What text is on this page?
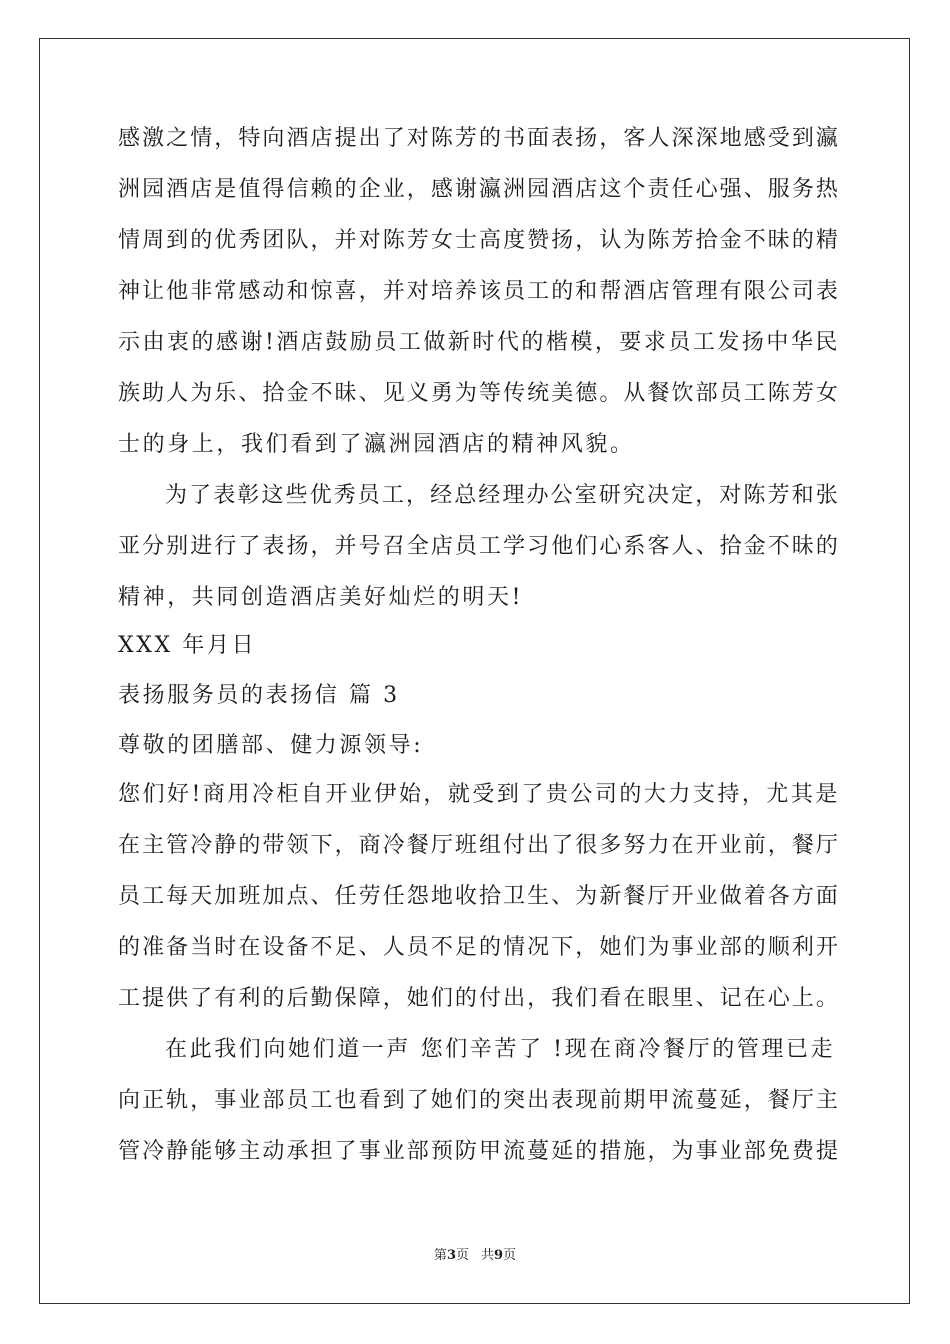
感激之情，特向酒店提出了对陈芳的书面表扬，客人深深地感受到瀛
洲园酒店是值得信赖的企业，感谢瀛洲园酒店这个责任心强、服务热
情周到的优秀团队，并对陈芳女士高度赞扬，认为陈芳拾金不昧的精
神让他非常感动和惊喜，并对培养该员工的和帮酒店管理有限公司表
示由衷的感谢!酒店鼓励员工做新时代的楷模，要求员工发扬中华民
族助人为乐、拾金不昧、见义勇为等传统美德。从餐饮部员工陈芳女
士的身上，我们看到了瀛洲园酒店的精神风貌。
为了表彰这些优秀员工，经总经理办公室研究决定，对陈芳和张
亚分别进行了表扬，并号召全店员工学习他们心系客人、拾金不昧的
精神，共同创造酒店美好灿烂的明天!
XXX 年月日
表扬服务员的表扬信 篇 3
尊敬的团膳部、健力源领导:
您们好!商用冷柜自开业伊始，就受到了贵公司的大力支持，尤其是
在主管冷静的带领下，商冷餐厅班组付出了很多努力在开业前，餐厅
员工每天加班加点、任劳任怨地收拾卫生、为新餐厅开业做着各方面
的准备当时在设备不足、人员不足的情况下，她们为事业部的顺利开
工提供了有利的后勤保障，她们的付出，我们看在眼里、记在心上。
在此我们向她们道一声 您们辛苦了 !现在商冷餐厅的管理已走
向正轨，事业部员工也看到了她们的突出表现前期甲流蔓延，餐厅主
管冷静能够主动承担了事业部预防甲流蔓延的措施，为事业部免费提
第3页 共9页
